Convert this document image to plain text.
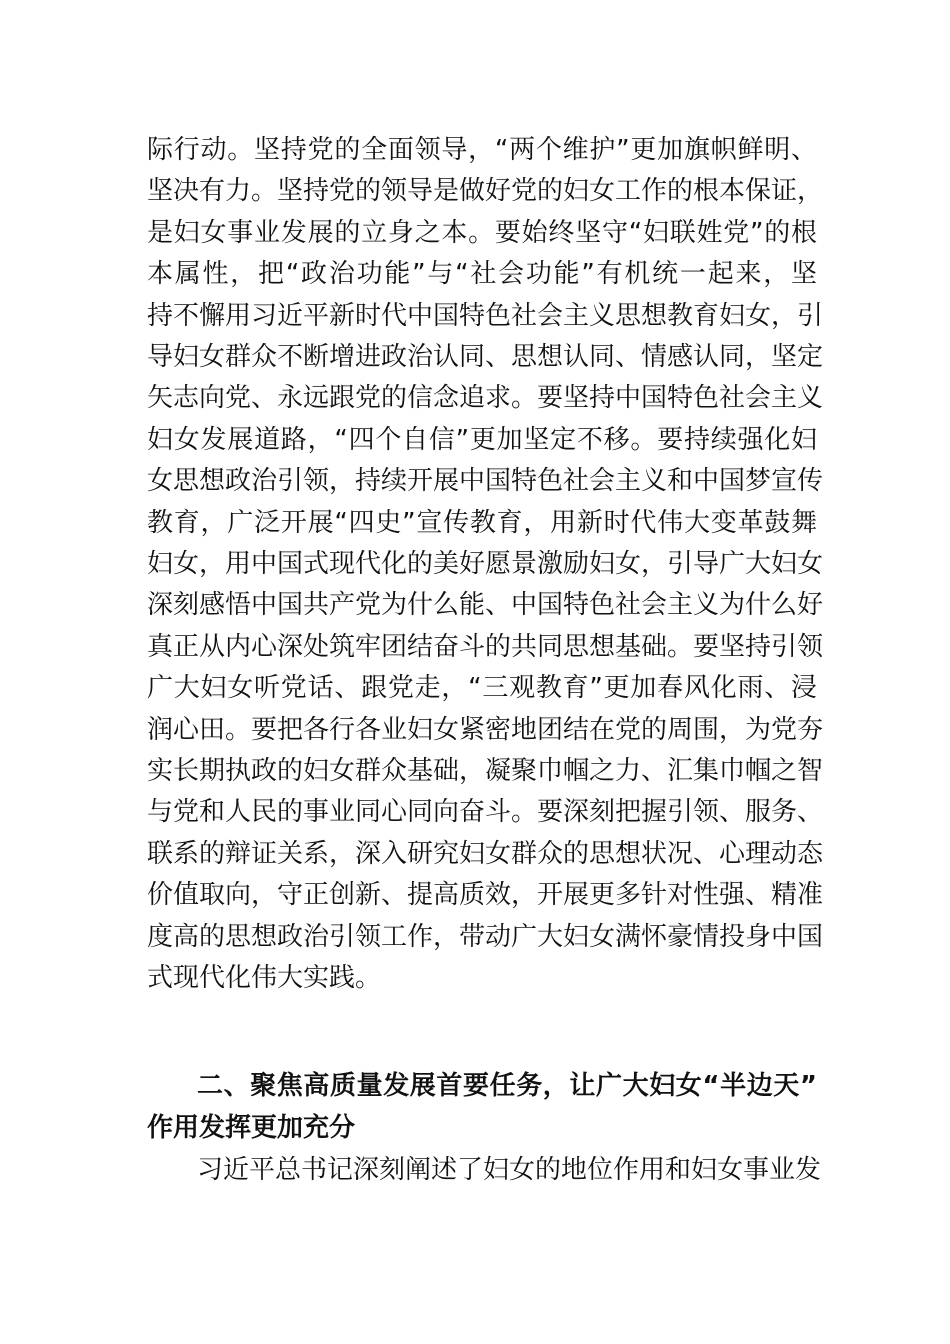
际行动。坚持党的全面领导，“两个维护”更加旗帜鲜明、
坚决有力。坚持党的领导是做好党的妇女工作的根本保证，
是妇女事业发展的立身之本。要始终坚守“妇联姓党”的根
本属性，把“政治功能”与“社会功能”有机统一起来，坚
持不懈用习近平新时代中国特色社会主义思想教育妇女，引
导妇女群众不断增进政治认同、思想认同、情感认同，坚定
矢志向党、永远跟党的信念追求。要坚持中国特色社会主义
妇女发展道路，“四个自信”更加坚定不移。要持续强化妇
女思想政治引领，持续开展中国特色社会主义和中国梦宣传
教育，广泛开展“四史”宣传教育，用新时代伟大变革鼓舞
妇女，用中国式现代化的美好愿景激励妇女，引导广大妇女
深刻感悟中国共产党为什么能、中国特色社会主义为什么好
真正从内心深处筑牢团结奋斗的共同思想基础。要坚持引领
广大妇女听党话、跟党走，“三观教育”更加春风化雨、浸
润心田。要把各行各业妇女紧密地团结在党的周围，为党夯
实长期执政的妇女群众基础，凝聚巾帼之力、汇集巾帼之智
与党和人民的事业同心同向奋斗。要深刻把握引领、服务、
联系的辩证关系，深入研究妇女群众的思想状况、心理动态
价值取向，守正创新、提高质效，开展更多针对性强、精准
度高的思想政治引领工作，带动广大妇女满怀豪情投身中国
式现代化伟大实践。
二、聚焦高质量发展首要任务，让广大妇女“半边天”
作用发挥更加充分
习近平总书记深刻阐述了妇女的地位作用和妇女事业发
